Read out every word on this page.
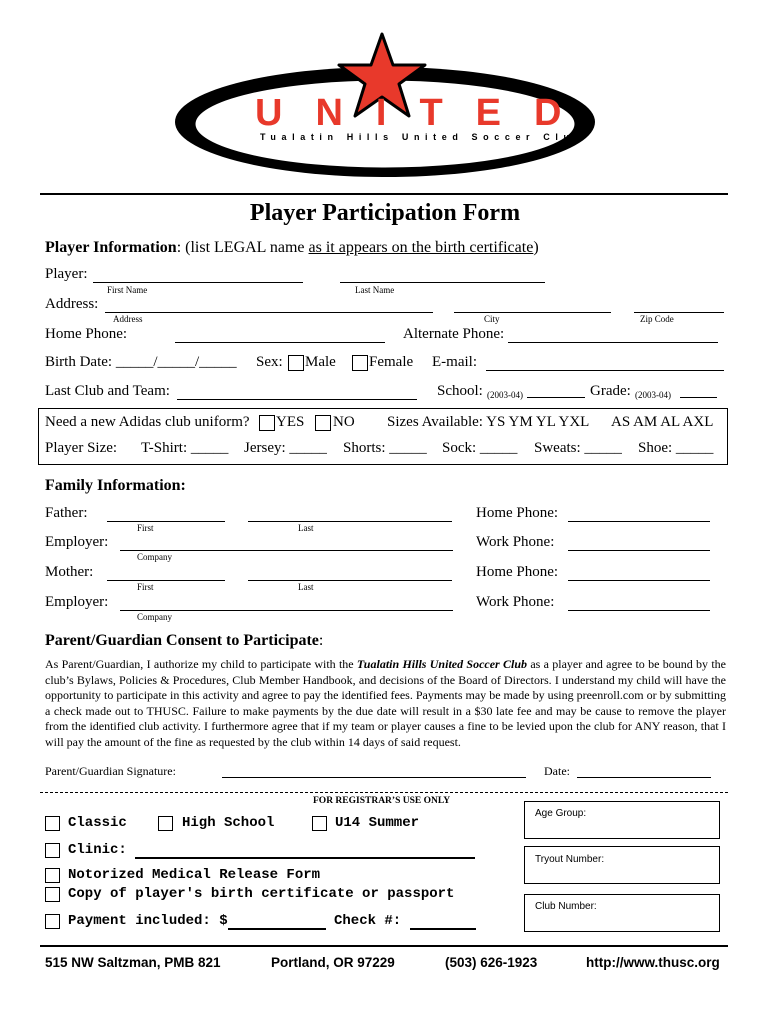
UNITED
Tualatin Hills United Soccer Club
Player Participation Form
Player Information: (list LEGAL name as it appears on the birth certificate)
Player:
First Name	Last Name
Address:
Address	City	Zip Code
Home Phone:	Alternate Phone:
Birth Date: _____/_____/_____ Sex: Male Female E-mail:
Last Club and Team:	School: (2003-04)	Grade: (2003-04)
Need a new Adidas club uniform? YES NO Sizes Available: YS YM YL YXL AS AM AL AXL
Player Size: T-Shirt: _____ Jersey: _____ Shorts: _____ Sock: _____ Sweats: _____ Shoe: _____
Family Information:
Father:
First	Last
Home Phone:
Employer:
Company
Work Phone:
Mother:
First	Last
Home Phone:
Employer:
Company
Work Phone:
Parent/Guardian Consent to Participate:
As Parent/Guardian, I authorize my child to participate with the Tualatin Hills United Soccer Club as a player and agree to be bound by the club’s Bylaws, Policies & Procedures, Club Member Handbook, and decisions of the Board of Directors. I understand my child will have the opportunity to participate in this activity and agree to pay the identified fees. Payments may be made by using preenroll.com or by submitting a check made out to THUSC. Failure to make payments by the due date will result in a $30 late fee and may be cause to remove the player from the identified club activity. I furthermore agree that if my team or player causes a fine to be levied upon the club for ANY reason, that I will pay the amount of the fine as requested by the club within 14 days of said request.
Parent/Guardian Signature:	Date:
FOR REGISTRAR’S USE ONLY
Classic	High School	U14 Summer
Clinic:
Notorized Medical Release Form
Copy of player's birth certificate or passport
Payment included: $	Check #:
Age Group:
Tryout Number:
Club Number:
515 NW Saltzman, PMB 821	Portland, OR 97229	(503) 626-1923	http://www.thusc.org
